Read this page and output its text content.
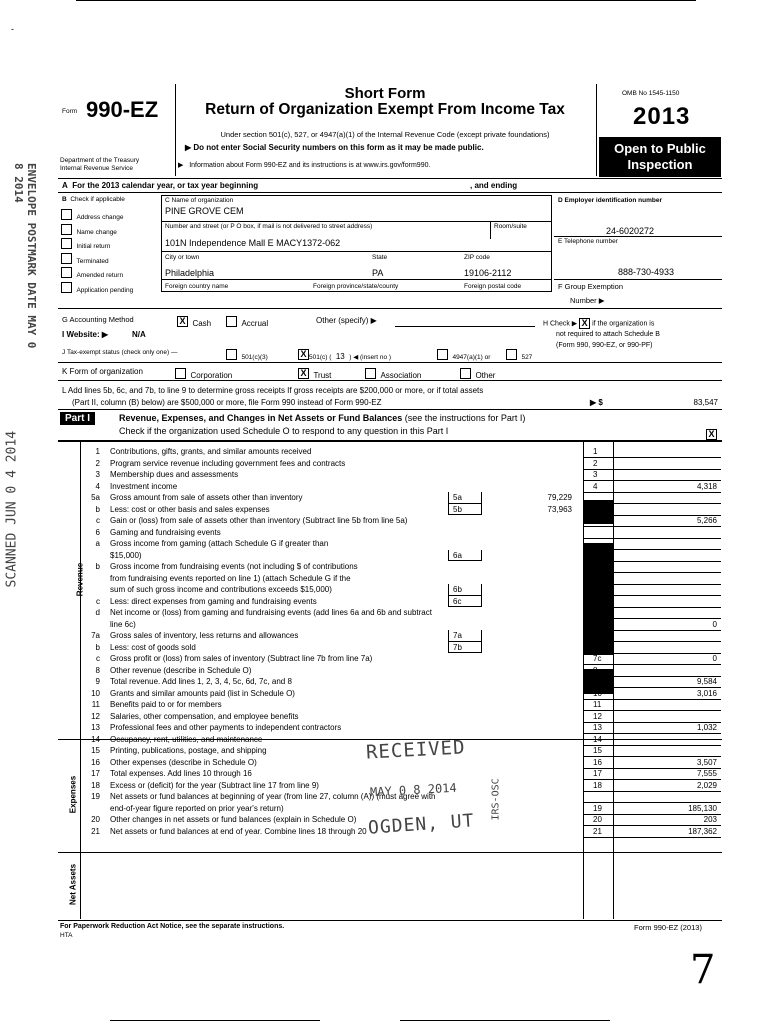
-
Form 990-EZ
Department of the Treasury
Internal Revenue Service
Short Form
Return of Organization Exempt From Income Tax
Under section 501(c), 527, or 4947(a)(1) of the Internal Revenue Code (except private foundations)
▶ Do not enter Social Security numbers on this form as it may be made public.
▶   Information about Form 990-EZ and its instructions is at www.irs.gov/form990.
OMB No 1545-1150
2013
Open to Public
Inspection
A For the 2013 calendar year, or tax year beginning	, and ending
B Check if applicable
Address change
Name change
Initial return
Terminated
Amended return
Application pending
C Name of organization
PINE GROVE CEM
Number and street (or P O box, if mail is not delivered to street address)	Room/suite
101N Independence Mall E MACY1372-062
City or town	State	ZIP code
Philadelphia	PA	19106-2112
Foreign country name	Foreign province/state/county	Foreign postal code
D Employer identification number
24-6020272
E Telephone number
888-730-4933
F Group Exemption
Number ▶
G Accounting Method	X Cash	Accrual	Other (specify) ▶
I Website: ▶	N/A
J Tax-exempt status (check only one) —
501(c)(3)	X 501(c) ( 13 ) ◀ (insert no )	4947(a)(1) or	527
H Check ▶ X if the organization is
not required to attach Schedule B
(Form 990, 990-EZ, or 990-PF)
K Form of organization	Corporation	X Trust	Association	Other
L Add lines 5b, 6c, and 7b, to line 9 to determine gross receipts If gross receipts are $200,000 or more, or if total assets
(Part II, column (B) below) are $500,000 or more, file Form 990 instead of Form 990-EZ	▶ $	83,547
Part I	Revenue, Expenses, and Changes in Net Assets or Fund Balances (see the instructions for Part I)
Check if the organization used Schedule O to respond to any question in this Part I	X
Revenue
Expenses
Net Assets
1 Contributions, gifts, grants, and similar amounts received	1
2 Program service revenue including government fees and contracts	2
3 Membership dues and assessments	3
4 Investment income	4	4,318
5a Gross amount from sale of assets other than inventory	5a	79,229
b Less: cost or other basis and sales expenses	5b	73,963
c Gain or (loss) from sale of assets other than inventory (Subtract line 5b from line 5a)	5c	5,266
6 Gaming and fundraising events
a Gross income from gaming (attach Schedule G if greater than
$15,000)	6a
b Gross income from fundraising events (not including $ of contributions
from fundraising events reported on line 1) (attach Schedule G if the
sum of such gross income and contributions exceeds $15,000)	6b
c Less: direct expenses from gaming and fundraising events	6c
d Net income or (loss) from gaming and fundraising events (add lines 6a and 6b and subtract
line 6c)	6d	0
7a Gross sales of inventory, less returns and allowances	7a
b Less: cost of goods sold	7b
c Gross profit or (loss) from sales of inventory (Subtract line 7b from line 7a)	7c	0
8 Other revenue (describe in Schedule O)	8
9 Total revenue. Add lines 1, 2, 3, 4, 5c, 6d, 7c, and 8	9	9,584
10 Grants and similar amounts paid (list in Schedule O)	10	3,016
11 Benefits paid to or for members	11
12 Salaries, other compensation, and employee benefits	12
13 Professional fees and other payments to independent contractors	13	1,032
14 Occupancy, rent, utilities, and maintenance	14
15 Printing, publications, postage, and shipping	15
16 Other expenses (describe in Schedule O)	16	3,507
17 Total expenses. Add lines 10 through 16	17	7,555
18 Excess or (deficit) for the year (Subtract line 17 from line 9)	18	2,029
19 Net assets or fund balances at beginning of year (from line 27, column (A)) (must agree with
end-of-year figure reported on prior year's return)	19	185,130
20 Other changes in net assets or fund balances (explain in Schedule O)	20	203
21 Net assets or fund balances at end of year. Combine lines 18 through 20	21	187,362
For Paperwork Reduction Act Notice, see the separate instructions.
HTA
Form 990-EZ (2013)
7
SCANNED JUN 0 4 2014
ENVELOPE POSTMARK DATE MAY 0 8 2014
RECEIVED
MAY 0 8 2014
OGDEN, UT
IRS-OSC
